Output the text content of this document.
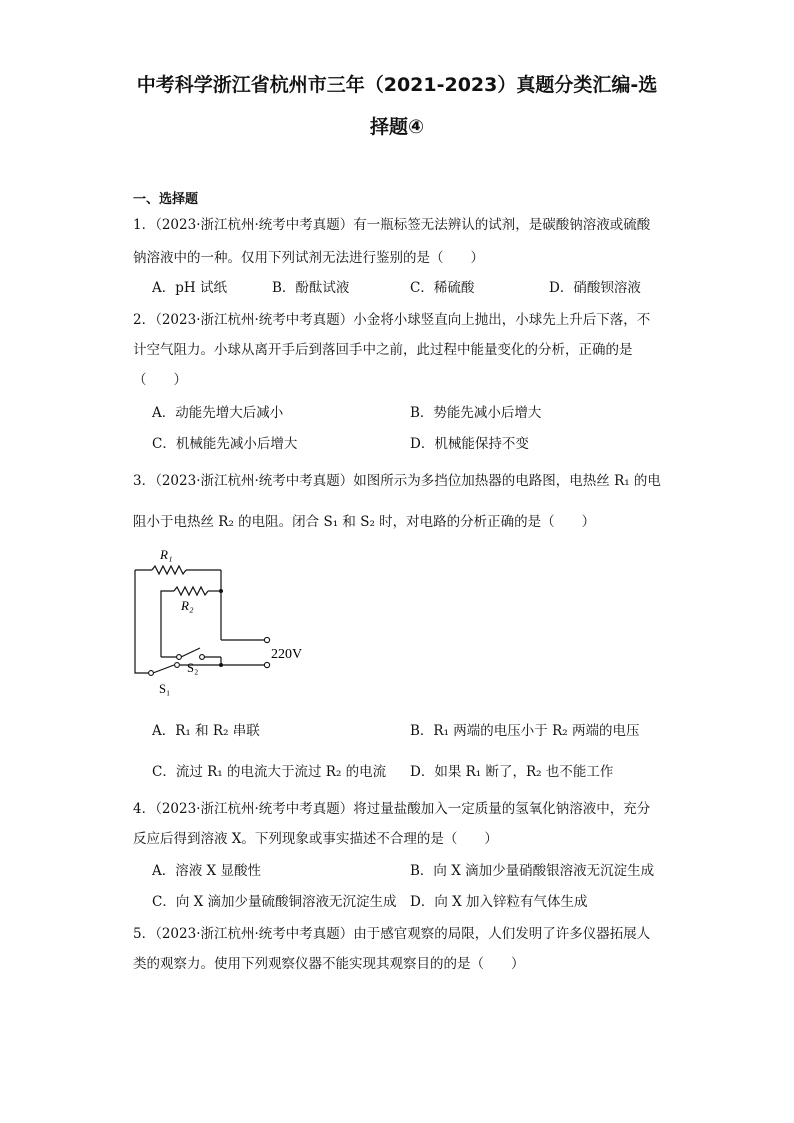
中考科学浙江省杭州市三年（2021-2023）真题分类汇编-选
择题④
一、选择题
1．（2023·浙江杭州·统考中考真题）有一瓶标签无法辨认的试剂，是碳酸钠溶液或硫酸
钠溶液中的一种。仅用下列试剂无法进行鉴别的是（　　）
A．pH 试纸	B．酚酞试液	C．稀硫酸	D．硝酸钡溶液
2．（2023·浙江杭州·统考中考真题）小金将小球竖直向上抛出，小球先上升后下落，不
计空气阻力。小球从离开手后到落回手中之前，此过程中能量变化的分析，正确的是
（　　）
A．动能先增大后减小	B．势能先减小后增大
C．机械能先减小后增大	D．机械能保持不变
3．（2023·浙江杭州·统考中考真题）如图所示为多挡位加热器的电路图，电热丝 R₁ 的电
阻小于电热丝 R₂ 的电阻。闭合 S₁ 和 S₂ 时，对电路的分析正确的是（　　）
R₁
R₂
S₂
S₁
220V
A．R₁ 和 R₂ 串联	B．R₁ 两端的电压小于 R₂ 两端的电压
C．流过 R₁ 的电流大于流过 R₂ 的电流 D．如果 R₁ 断了，R₂ 也不能工作
4．（2023·浙江杭州·统考中考真题）将过量盐酸加入一定质量的氢氧化钠溶液中，充分
反应后得到溶液 X。下列现象或事实描述不合理的是（　　）
A．溶液 X 显酸性	B．向 X 滴加少量硝酸银溶液无沉淀生成
C．向 X 滴加少量硫酸铜溶液无沉淀生成 D．向 X 加入锌粒有气体生成
5．（2023·浙江杭州·统考中考真题）由于感官观察的局限，人们发明了许多仪器拓展人
类的观察力。使用下列观察仪器不能实现其观察目的的是（　　）
